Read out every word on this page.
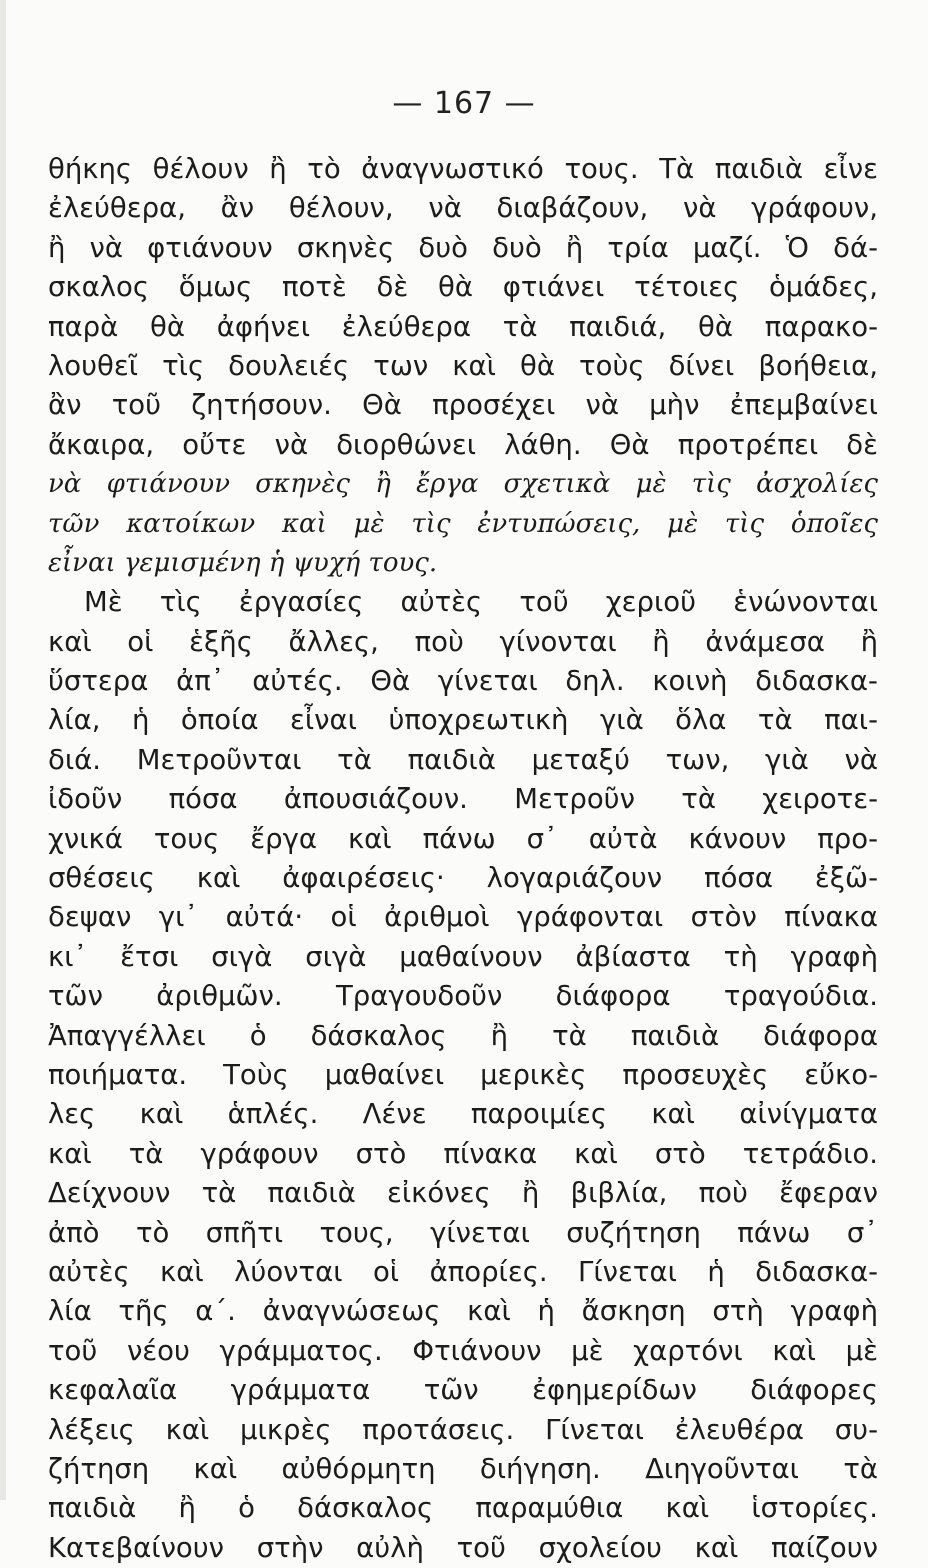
— 167 —
θήκης θέλουν ἢ τὸ ἀναγνωστικό τους. Τὰ παιδιὰ εἶνε
ἐλεύθερα, ἂν θέλουν, νὰ διαβάζουν, νὰ γράφουν,
ἢ νὰ φτιάνουν σκηνὲς δυὸ δυὸ ἢ τρία μαζί. Ὁ δά-
σκαλος ὅμως ποτὲ δὲ θὰ φτιάνει τέτοιες ὁμάδες,
παρὰ θὰ ἀφήνει ἐλεύθερα τὰ παιδιά, θὰ παρακο-
λουθεῖ τὶς δουλειές των καὶ θὰ τοὺς δίνει βοήθεια,
ἂν τοῦ ζητήσουν. Θὰ προσέχει νὰ μὴν ἐπεμβαίνει
ἄκαιρα, οὔτε νὰ διορθώνει λάθη. Θὰ προτρέπει δὲ
νὰ φτιάνουν σκηνὲς ἢ ἔργα σχετικὰ μὲ τὶς ἀσχολίες
τῶν κατοίκων καὶ μὲ τὶς ἐντυπώσεις, μὲ τὶς ὁποῖες
εἶναι γεμισμένη ἡ ψυχή τους.
Μὲ τὶς ἐργασίες αὐτὲς τοῦ χεριοῦ ἑνώνονται
καὶ οἱ ἑξῆς ἄλλες, ποὺ γίνονται ἢ ἀνάμεσα ἢ
ὕστερα ἀπ᾽ αὐτές. Θὰ γίνεται δηλ. κοινὴ διδασκα-
λία, ἡ ὁποία εἶναι ὑποχρεωτικὴ γιὰ ὅλα τὰ παι-
διά. Μετροῦνται τὰ παιδιὰ μεταξύ των, γιὰ νὰ
ἰδοῦν πόσα ἀπουσιάζουν. Μετροῦν τὰ χειροτε-
χνικά τους ἔργα καὶ πάνω σ᾽ αὐτὰ κάνουν προ-
σθέσεις καὶ ἀφαιρέσεις· λογαριάζουν πόσα ἐξῶ-
δεψαν γι᾽ αὐτά· οἱ ἀριθμοὶ γράφονται στὸν πίνακα
κι᾽ ἔτσι σιγὰ σιγὰ μαθαίνουν ἀβίαστα τὴ γραφὴ
τῶν ἀριθμῶν. Τραγουδοῦν διάφορα τραγούδια.
Ἀπαγγέλλει ὁ δάσκαλος ἢ τὰ παιδιὰ διάφορα
ποιήματα. Τοὺς μαθαίνει μερικὲς προσευχὲς εὔκο-
λες καὶ ἁπλές. Λένε παροιμίες καὶ αἰνίγματα
καὶ τὰ γράφουν στὸ πίνακα καὶ στὸ τετράδιο.
Δείχνουν τὰ παιδιὰ εἰκόνες ἢ βιβλία, ποὺ ἔφεραν
ἀπὸ τὸ σπῆτι τους, γίνεται συζήτηση πάνω σ᾽
αὐτὲς καὶ λύονται οἱ ἀπορίες. Γίνεται ἡ διδασκα-
λία τῆς α΄. ἀναγνώσεως καὶ ἡ ἄσκηση στὴ γραφὴ
τοῦ νέου γράμματος. Φτιάνουν μὲ χαρτόνι καὶ μὲ
κεφαλαῖα γράμματα τῶν ἐφημερίδων διάφορες
λέξεις καὶ μικρὲς προτάσεις. Γίνεται ἐλευθέρα συ-
ζήτηση καὶ αὐθόρμητη διήγηση. Διηγοῦνται τὰ
παιδιὰ ἢ ὁ δάσκαλος παραμύθια καὶ ἱστορίες.
Κατεβαίνουν στὴν αὐλὴ τοῦ σχολείου καὶ παίζουν
